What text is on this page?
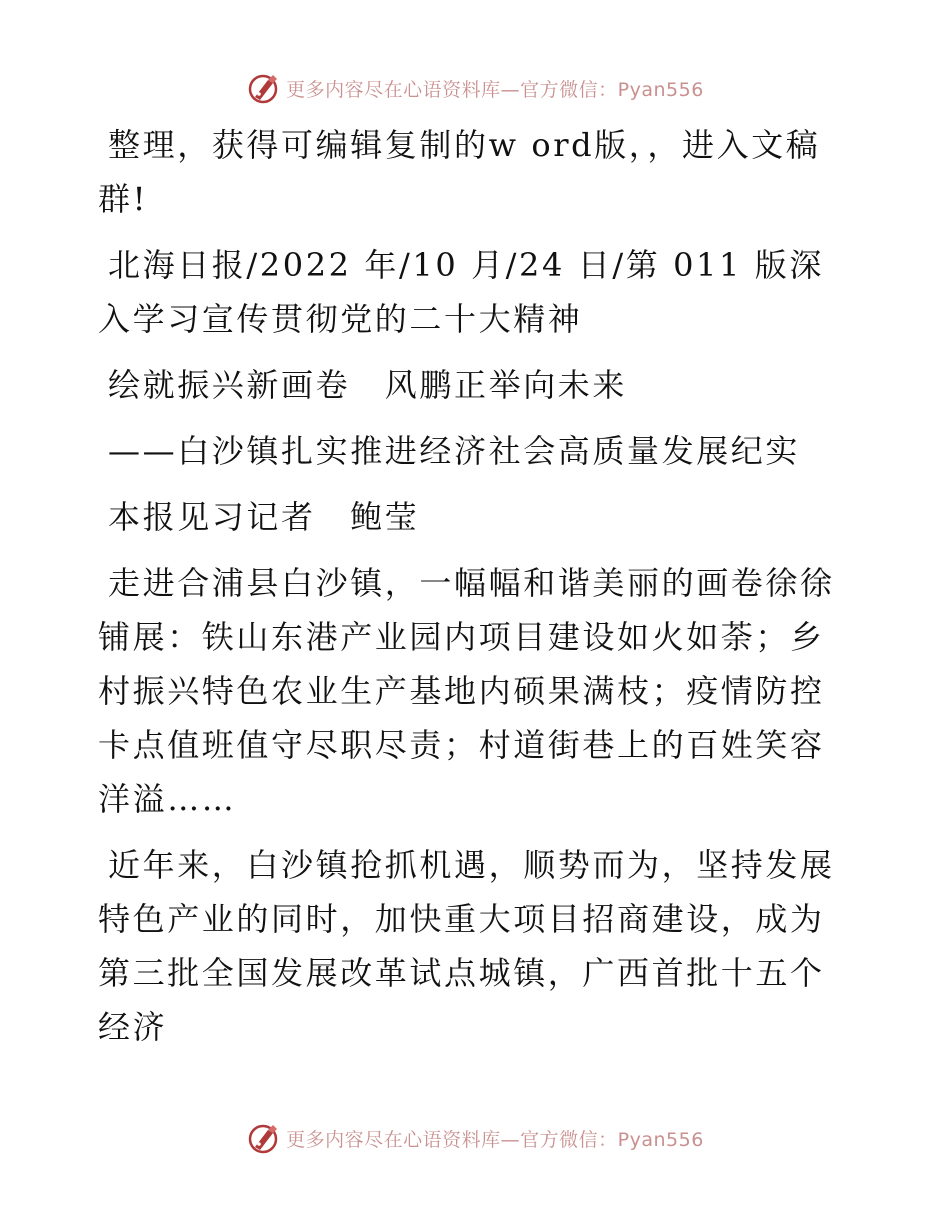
更多内容尽在心语资料库—官方微信：Pyan556

整理，获得可编辑复制的w ord版，，进入文稿群!

北海日报/2022 年/10 月/24 日/第 011 版深入学习宣传贯彻党的二十大精神

绘就振兴新画卷　风鹏正举向未来

——白沙镇扎实推进经济社会高质量发展纪实

本报见习记者　鲍莹

走进合浦县白沙镇，一幅幅和谐美丽的画卷徐徐铺展：铁山东港产业园内项目建设如火如荼；乡村振兴特色农业生产基地内硕果满枝；疫情防控卡点值班值守尽职尽责；村道街巷上的百姓笑容洋溢……

近年来，白沙镇抢抓机遇，顺势而为，坚持发展特色产业的同时，加快重大项目招商建设，成为第三批全国发展改革试点城镇，广西首批十五个经济

更多内容尽在心语资料库—官方微信：Pyan556
